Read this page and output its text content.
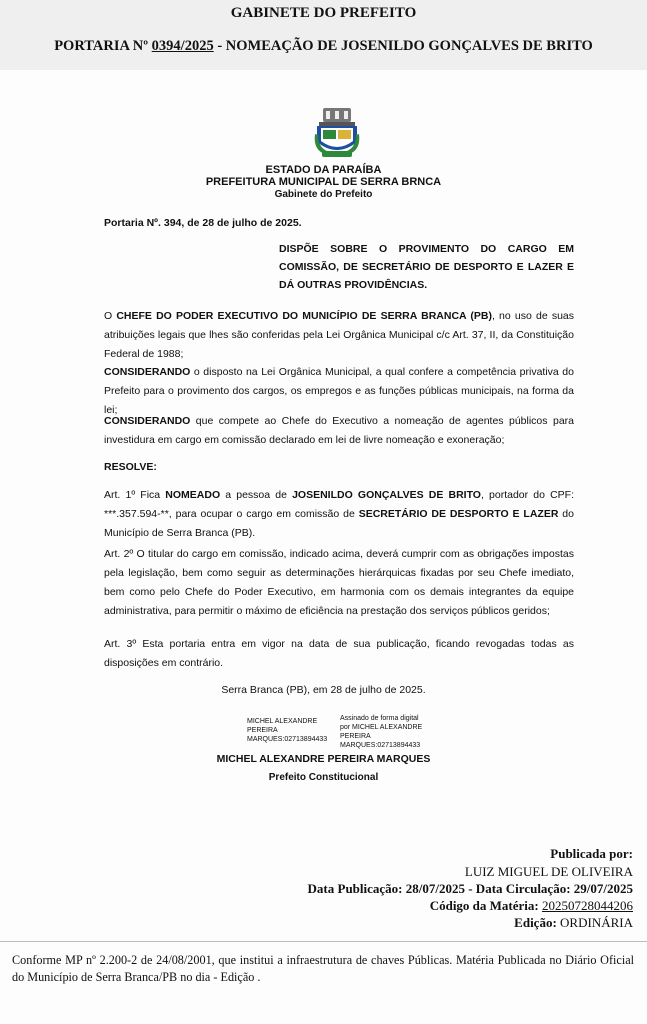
GABINETE DO PREFEITO
PORTARIA Nº 0394/2025 - NOMEAÇÃO DE JOSENILDO GONÇALVES DE BRITO
ESTADO DA PARAÍBA
PREFEITURA MUNICIPAL DE SERRA BRNCA
Gabinete do Prefeito
Portaria Nº. 394, de 28 de julho de 2025.
DISPÕE SOBRE O PROVIMENTO DO CARGO EM COMISSÃO, DE SECRETÁRIO DE DESPORTO E LAZER E DÁ OUTRAS PROVIDÊNCIAS.
O CHEFE DO PODER EXECUTIVO DO MUNICÍPIO DE SERRA BRANCA (PB), no uso de suas atribuições legais que lhes são conferidas pela Lei Orgânica Municipal c/c Art. 37, II, da Constituição Federal de 1988;
CONSIDERANDO o disposto na Lei Orgânica Municipal, a qual confere a competência privativa do Prefeito para o provimento dos cargos, os empregos e as funções públicas municipais, na forma da lei;
CONSIDERANDO que compete ao Chefe do Executivo a nomeação de agentes públicos para investidura em cargo em comissão declarado em lei de livre nomeação e exoneração;
RESOLVE:
Art. 1º Fica NOMEADO a pessoa de JOSENILDO GONÇALVES DE BRITO, portador do CPF: ***.357.594-**, para ocupar o cargo em comissão de SECRETÁRIO DE DESPORTO E LAZER do Município de Serra Branca (PB).
Art. 2º O titular do cargo em comissão, indicado acima, deverá cumprir com as obrigações impostas pela legislação, bem como seguir as determinações hierárquicas fixadas por seu Chefe imediato, bem como pelo Chefe do Poder Executivo, em harmonia com os demais integrantes da equipe administrativa, para permitir o máximo de eficiência na prestação dos serviços públicos geridos;
Art. 3º Esta portaria entra em vigor na data de sua publicação, ficando revogadas todas as disposições em contrário.
Serra Branca (PB), em 28 de julho de 2025.
MICHEL ALEXANDRE
PEREIRA
MARQUES:02713894433
Assinado de forma digital
por MICHEL ALEXANDRE
PEREIRA
MARQUES:02713894433
MICHEL ALEXANDRE PEREIRA MARQUES
Prefeito Constitucional
Publicada por:
LUIZ MIGUEL DE OLIVEIRA
Data Publicação: 28/07/2025 - Data Circulação: 29/07/2025
Código da Matéria: 20250728044206
Edição: ORDINÁRIA
Conforme MP nº 2.200-2 de 24/08/2001, que institui a infraestrutura de chaves Públicas. Matéria Publicada no Diário Oficial do Município de Serra Branca/PB no dia - Edição .
